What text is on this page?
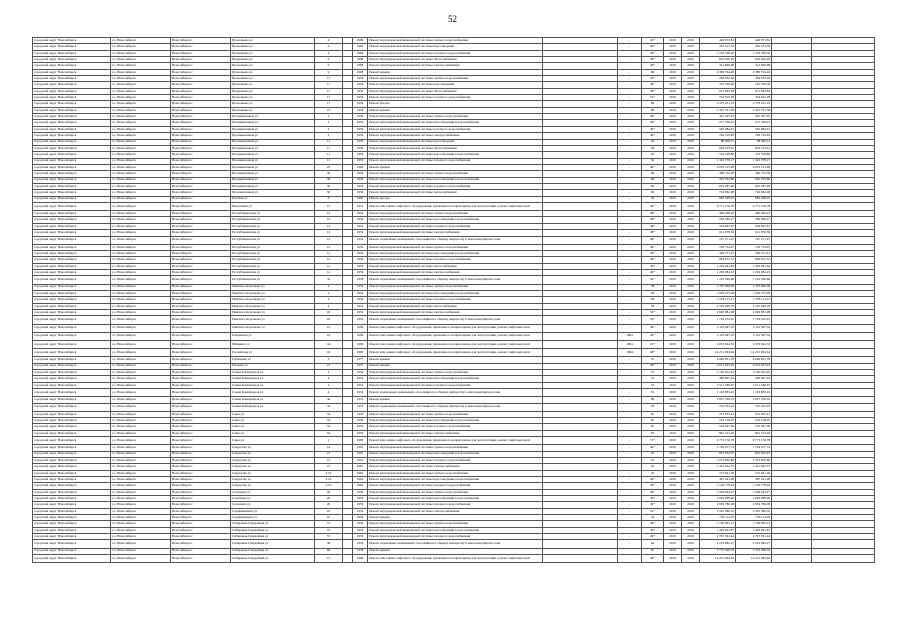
52
городской округ Новосибирск	г.о. Новосибирск	Новосибирск г	Прокопьева ул	4		1969	Ремонт внутридомовой инженерной системы горячего водоснабжения		-	45*	2019	2019	446 873,82	446 873,82		
городской округ Новосибирск	г.о. Новосибирск	Новосибирск г	Прокопьева ул	4		1969	Ремонт внутридомовой инженерной системы водоотведения		-	49*	2019	2019	245 413,76	245 413,76		
городской округ Новосибирск	г.о. Новосибирск	Новосибирск г	Прокопьева ул	4		1969	Ремонт внутридомовой инженерной системы холодного водоснабжения		-	49*	2019	2019	1 193 508,30	1 193 508,30		
городской округ Новосибирск	г.о. Новосибирск	Новосибирск г	Прокопьева ул	9		1968	Ремонт внутридомовой инженерной системы теплоснабжения		-	49*	2019	2019	816 200,29	816 200,29		
городской округ Новосибирск	г.о. Новосибирск	Новосибирск г	Прокопьева ул	9		1968	Ремонт внутридомовой инженерной системы электроснабжения		-	49*	2019	2019	414 809,98	414 809,98		
городской округ Новосибирск	г.о. Новосибирск	Новосибирск г	Прокопьева ул	9		1968	Ремонт крыши		-	66	2019	2019	2 389 764,40	2 389 764,40		
городской округ Новосибирск	г.о. Новосибирск	Новосибирск г	Прокопьева ул	17		1956	Ремонт внутридомовой инженерной системы горячего водоснабжения		-	45*	2019	2019	284 932,40	284 932,40		
городской округ Новосибирск	г.о. Новосибирск	Новосибирск г	Прокопьева ул	17		1956	Ремонт внутридомовой инженерной системы водоотведения		-	49*	2019	2019	145 709,36	145 709,36		
городской округ Новосибирск	г.о. Новосибирск	Новосибирск г	Прокопьева ул	17		1956	Ремонт внутридомовой инженерной системы теплоснабжения		-	49*	2019	2019	971 643,84	971 643,84		
городской округ Новосибирск	г.о. Новосибирск	Новосибирск г	Прокопьева ул	17		1956	Ремонт внутридомовой инженерной системы холодного водоснабжения		-	52*	2019	2019	794 810,28	794 810,28		
городской округ Новосибирск	г.о. Новосибирск	Новосибирск г	Прокопьева ул	17		1956	Ремонт фасада		-	69	2019	2019	2 379 451,19	2 379 451,19		
городской округ Новосибирск	г.о. Новосибирск	Новосибирск г	Прокопьева ул	21		1956	Ремонт крыши		-	69	2019	2019	2 347 741,58	2 347 741,58		
городской округ Новосибирск	г.о. Новосибирск	Новосибирск г	Промышленная ул	2		1959	Ремонт внутридомовой инженерной системы горячего водоснабжения		-	49*	2019	2019	461 597,02	461 597,02		
городской округ Новосибирск	г.о. Новосибирск	Новосибирск г	Промышленная ул	2		1959	Ремонт внутридомовой инженерной системы водоотведения и водоснабжения		-	49*	2019	2019	271 769,01	271 769,01		
городской округ Новосибирск	г.о. Новосибирск	Новосибирск г	Промышленная ул	2		1959	Ремонт внутридомовой инженерной системы холодного водоснабжения		-	49*	2019	2019	565 984,61	565 984,61		
городской округ Новосибирск	г.о. Новосибирск	Новосибирск г	Промышленная ул	2		1959	Ремонт внутридомовой инженерной системы электроснабжения		-	49*	2019	2019	764 510,83	764 510,83		
городской округ Новосибирск	г.о. Новосибирск	Новосибирск г	Промышленная ул	11		1959	Ремонт внутридомовой инженерной системы водоотведения		-	56	2019	2019	88 409,31	88 409,31		
городской округ Новосибирск	г.о. Новосибирск	Новосибирск г	Промышленная ул	11		1959	Ремонт внутридомовой инженерной системы теплоснабжения		-	56	2019	2019	694 103,61	694 103,61		
городской округ Новосибирск	г.о. Новосибирск	Новосибирск г	Промышленная ул	11		1959	Ремонт внутридомовой инженерной системы водоотведения и водоснабжения		-	56	2019	2019	535 708,80	535 708,80		
городской округ Новосибирск	г.о. Новосибирск	Новосибирск г	Промышленная ул	11		1959	Ремонт внутридомовой инженерной системы холодного водоснабжения		-	56	2019	2019	1 345 378,17	1 345 378,17		
городской округ Новосибирск	г.о. Новосибирск	Новосибирск г	Промышленная ул	22		1960	Ремонт крыши		-	49*	2019	2019	4 032 123,99	4 032 123,99		
городской округ Новосибирск	г.о. Новосибирск	Новосибирск г	Промышленная ул	30		1956	Ремонт внутридомовой инженерной системы горячего водоснабжения		-	69	2019	2019	396 752,58	396 752,58		
городской округ Новосибирск	г.о. Новосибирск	Новосибирск г	Промышленная ул	30		1956	Ремонт внутридомовой инженерной системы водоотведения и водоснабжения		-	69	2019	2019	245 792,80	245 792,80		
городской округ Новосибирск	г.о. Новосибирск	Новосибирск г	Промышленная ул	30		1956	Ремонт внутридомовой инженерной системы холодного водоснабжения		-	69	2019	2019	632 287,48	632 287,48		
городской округ Новосибирск	г.о. Новосибирск	Новосибирск г	Промышленная ул	30		1956	Ремонт внутридомовой инженерной системы теплоснабжения		-	69	2019	2019	726 862,98	726 862,98		
городской округ Новосибирск	г.о. Новосибирск	Новосибирск г	Путевая ул	8		1963	Ремонт фасада		-	59	2019	2019	682 348,25	682 348,25		
городской округ Новосибирск	г.о. Новосибирск	Новосибирск г	Революции ул	15		1951	Ремонт или замена лифтового оборудования, признанного непригодным для эксплуатации, ремонт лифтовых шахт		-	40*	2019	2019	4 771 156,78	4 771 156,78		
городской округ Новосибирск	г.о. Новосибирск	Новосибирск г	Республиканская ул	12		1954	Ремонт внутридомовой инженерной системы горячего водоснабжения		-	48*	2019	2019	496 406,22	496 406,22		
городской округ Новосибирск	г.о. Новосибирск	Новосибирск г	Республиканская ул	12		1954	Ремонт внутридомовой инженерной системы водоотведения и водоснабжения		-	48*	2019	2019	284 369,27	284 369,27		
городской округ Новосибирск	г.о. Новосибирск	Новосибирск г	Республиканская ул	12		1954	Ремонт внутридомовой инженерной системы холодного водоснабжения		-	48*	2019	2019	504 967,67	504 967,67		
городской округ Новосибирск	г.о. Новосибирск	Новосибирск г	Республиканская ул	12		1954	Ремонт внутридомовой инженерной системы электроснабжения		-	48*	2019	2019	611 878,59	611 878,59		
городской округ Новосибирск	г.о. Новосибирск	Новосибирск г	Республиканская ул	12		1954	Ремонт подвальных помещений, относящихся к общему имуществу в многоквартирном доме		-	48*	2019	2019	747 271,47	747 271,47		
городской округ Новосибирск	г.о. Новосибирск	Новосибирск г	Республиканская ул	1а		1959	Ремонт внутридомовой инженерной системы горячего водоснабжения		-	49*	2019	2019	726 734,67	726 734,67		
городской округ Новосибирск	г.о. Новосибирск	Новосибирск г	Республиканская ул	1а		1959	Ремонт внутридомовой инженерной системы водоотведения и водоснабжения		-	49*	2019	2019	346 271,61	346 271,61		
городской округ Новосибирск	г.о. Новосибирск	Новосибирск г	Республиканская ул	1а		1959	Ремонт внутридомовой инженерной системы холодного водоснабжения		-	49*	2019	2019	984 672,31	984 672,31		
городской округ Новосибирск	г.о. Новосибирск	Новосибирск г	Республиканская ул	1а		1959	Ремонт внутридомовой инженерной системы теплоснабжения		-	49*	2019	2019	1 202 061,64	1 202 061,64		
городской округ Новосибирск	г.о. Новосибирск	Новосибирск г	Республиканская ул	1а		1959	Ремонт внутридомовой инженерной системы электроснабжения		-	49*	2019	2019	1 230 684,23	1 230 684,23		
городской округ Новосибирск	г.о. Новосибирск	Новосибирск г	Республиканская ул	3а		1958	Ремонт подвальных помещений, относящихся к общему имуществу в многоквартирном доме		-	42*	2019	2019	1 161 549,66	1 161 549,66		
городской округ Новосибирск	г.о. Новосибирск	Новосибирск г	Римского-Корсакова ул	2		1954	Ремонт внутридомовой инженерной системы горячего водоснабжения		-	58	2019	2019	1 767 669,38	1 767 669,38		
городской округ Новосибирск	г.о. Новосибирск	Новосибирск г	Римского-Корсакова ул	2		1954	Ремонт внутридомовой инженерной системы водоотведения и водоснабжения		-	58	2019	2019	1 029 275,09	1 029 275,09		
городской округ Новосибирск	г.о. Новосибирск	Новосибирск г	Римского-Корсакова ул	2		1954	Ремонт внутридомовой инженерной системы холодного водоснабжения		-	58	2019	2019	1 578 115,21	1 578 115,21		
городской округ Новосибирск	г.о. Новосибирск	Новосибирск г	Римского-Корсакова ул	2		1954	Ремонт внутридомовой инженерной системы теплоснабжения		-	58	2019	2019	2 181 649,78	2 181 649,78		
городской округ Новосибирск	г.о. Новосибирск	Новосибирск г	Римского-Корсакова ул	18		1952	Ремонт внутридомовой инженерной системы электроснабжения		-	59*	2019	2019	2 690 881,98	2 690 881,98		
городской округ Новосибирск	г.о. Новосибирск	Новосибирск г	Римского-Корсакова ул	18		1952	Ремонт подвальных помещений, относящихся к общему имуществу в многоквартирном доме		-	59*	2019	2019	1 724 232,22	1 724 232,22		
городской округ Новосибирск	г.о. Новосибирск	Новосибирск г	Римского-Корсакова ул	21		1990	Ремонт или замена лифтового оборудования, признанного непригодным для эксплуатации, ремонт лифтовых шахт		-	46*	2019	2019	5 110 097,32	5 110 097,32		
городской округ Новосибирск	г.о. Новосибирск	Новосибирск г	Рощинская ул	24		1990	Ремонт или замена лифтового оборудования, признанного непригодным для эксплуатации, ремонт лифтовых шахт		1994	40*	2019	2019	5 110 097,32	5 110 097,32		
городской округ Новосибирск	г.о. Новосибирск	Новосибирск г	Рябинина ул	12а		1990	Ремонт или замена лифтового оборудования, признанного непригодным для эксплуатации, ремонт лифтовых шахт		1994	10*	2019	2019	2 053 944,33	2 053 944,33		
городской округ Новосибирск	г.о. Новосибирск	Новосибирск г	Российская ул	10		1990	Ремонт или замена лифтового оборудования, признанного непригодным для эксплуатации, ремонт лифтовых шахт		1994	48*	2019	2019	14 231 994,64	14 231 994,64		
городской округ Новосибирск	г.о. Новосибирск	Новосибирск г	Рубиновая ул	3		1977	Ремонт крыши		-	55	2019	2019	4 040 831,78	4 040 831,78		
городской округ Новосибирск	г.о. Новосибирск	Новосибирск г	Рылеева ул	21		1957	Ремонт крыши		-	49*	2019	2019	4 613 623,42	4 613 623,42		
городской округ Новосибирск	г.о. Новосибирск	Новосибирск г	Самеи Коммунаров ул	4		1954	Ремонт внутридомовой инженерной системы горячего водоснабжения		-	55	2019	2019	1 120 052,22	1 120 052,22		
городской округ Новосибирск	г.о. Новосибирск	Новосибирск г	Самеи Коммунаров ул	4		1954	Ремонт внутридомовой инженерной системы водоотведения и водоснабжения		-	55	2019	2019	490 867,24	490 867,24		
городской округ Новосибирск	г.о. Новосибирск	Новосибирск г	Самеи Коммунаров ул	4		1954	Ремонт внутридомовой инженерной системы холодного водоснабжения		-	55	2019	2019	2 511 180,67	2 511 180,67		
городской округ Новосибирск	г.о. Новосибирск	Новосибирск г	Самеи Коммунаров ул	4		1954	Ремонт подвальных помещений, относящихся к общему имуществу в многоквартирном доме		-	55	2019	2019	1 163 883,43	1 163 883,43		
городской округ Новосибирск	г.о. Новосибирск	Новосибирск г	Самеи Коммунаров ул	4а		1955	Ремонт крыши		-	69	2019	2019	2 857 339,35	2 857 339,35		
городской округ Новосибирск	г.о. Новосибирск	Новосибирск г	Самеи Коммунаров ул	4а		1955	Ремонт подвальных помещений, относящихся к общему имуществу в многоквартирном доме		-	59	2019	2019	701 453,22	701 453,22		
городской округ Новосибирск	г.о. Новосибирск	Новосибирск г	Сакко ул	54		1959	Ремонт внутридомовой инженерной системы горячего водоснабжения		-	65	2019	2019	231 855,41	231 855,41		
городской округ Новосибирск	г.о. Новосибирск	Новосибирск г	Сакко ул	54		1959	Ремонт внутридомовой инженерной системы водоотведения и водоснабжения		-	65	2019	2019	224 138,05	224 138,05		
городской округ Новосибирск	г.о. Новосибирск	Новосибирск г	Сакко ул	54		1959	Ремонт внутридомовой инженерной системы холодного водоснабжения		-	65	2019	2019	510 647,30	510 647,30		
городской округ Новосибирск	г.о. Новосибирск	Новосибирск г	Сакко ул	54		1959	Ремонт внутридомовой инженерной системы электроснабжения		-	65	2019	2019	861 313,20	861 313,20		
городской округ Новосибирск	г.о. Новосибирск	Новосибирск г	Сакко ул	1		1990	Ремонт или замена лифтового оборудования, признанного непригодным для эксплуатации, ремонт лифтовых шахт		-	71*	2019	2019	9 773 156,78	9 773 156,78		
городской округ Новосибирск	г.о. Новосибирск	Новосибирск г	Свердлова ул	14		1961	Ремонт внутридомовой инженерной системы горячего водоснабжения		-	40*	2019	2019	1 794 477,74	1 794 477,74		
городской округ Новосибирск	г.о. Новосибирск	Новосибирск г	Свердлова ул	21		1961	Ремонт внутридомовой инженерной системы водоотведения и водоснабжения		-	45	2019	2019	691 952,97	691 952,97		
городской округ Новосибирск	г.о. Новосибирск	Новосибирск г	Свердлова ул	21		1961	Ремонт внутридомовой инженерной системы холодного водоснабжения		-	45	2019	2019	1 073 820,86	1 073 820,86		
городской округ Новосибирск	г.о. Новосибирск	Новосибирск г	Свердлова ул	21		1961	Ремонт внутридомовой инженерной системы электроснабжения		-	45	2019	2019	1 421 622,75	1 421 622,75		
городской округ Новосибирск	г.о. Новосибирск	Новосибирск г	Свердлова ул	21/2		1962	Ремонт внутридомовой инженерной системы горячего водоснабжения		-	45	2019	2019	572 841,30	572 841,30		
городской округ Новосибирск	г.о. Новосибирск	Новосибирск г	Свердлова ул	21/2		1962	Ремонт внутридомовой инженерной системы водоотведения и водоснабжения		-	49*	2019	2019	387 241,08	387 241,08		
городской округ Новосибирск	г.о. Новосибирск	Новосибирск г	Свердлова ул	21/2		1962	Ремонт внутридомовой инженерной системы холодного водоснабжения		-	49*	2019	2019	1 136 778,94	1 136 778,94		
городской округ Новосибирск	г.о. Новосибирск	Новосибирск г	Селезнева ул	26		1959	Ремонт внутридомовой инженерной системы горячего водоснабжения		-	49*	2019	2019	1 569 044,47	1 569 044,47		
городской округ Новосибирск	г.о. Новосибирск	Новосибирск г	Селезнева ул	26		1959	Ремонт внутридомовой инженерной системы водоотведения и водоснабжения		-	49*	2019	2019	1 605 098,60	1 605 098,60		
городской округ Новосибирск	г.о. Новосибирск	Новосибирск г	Селезнева ул	26		1959	Ремонт внутридомовой инженерной системы холодного водоснабжения		-	49*	2019	2019	2 939 780,08	2 939 780,08		
городской округ Новосибирск	г.о. Новосибирск	Новосибирск г	Серафимовича ул	10		1956	Ремонт внутридомовой инженерной системы электроснабжения		-	52*	2019	2019	2 545 380,32	2 545 380,32		
городской округ Новосибирск	г.о. Новосибирск	Новосибирск г	Серафимовича ул	10		1956	Ремонт крыши		-	44	2019	2019	750 112,03	750 112,03		
городской округ Новосибирск	г.о. Новосибирск	Новосибирск г	Сибиряков-Гвардейцев ул	57		1956	Ремонт внутридомовой инженерной системы горячего водоснабжения		-	49*	2019	2019	1 730 865,13	1 730 865,13		
городской округ Новосибирск	г.о. Новосибирск	Новосибирск г	Сибиряков-Гвардейцев ул	57		1956	Ремонт внутридомовой инженерной системы водоотведения и водоснабжения		-	49*	2019	2019	1 429 691,87	1 429 691,87		
городской округ Новосибирск	г.о. Новосибирск	Новосибирск г	Сибиряков-Гвардейцев ул	57		1956	Ремонт внутридомовой инженерной системы холодного водоснабжения		-	49*	2019	2019	2 767 591,44	2 767 591,44		
городской округ Новосибирск	г.о. Новосибирск	Новосибирск г	Сибиряков-Гвардейцев ул	58		1956	Ремонт подвальных помещений, относящихся к общему имуществу в многоквартирном доме		-	44	2019	2019	2 219 982,27	2 219 982,27		
городской округ Новосибирск	г.о. Новосибирск	Новосибирск г	Сибиряков-Гвардейцев ул	60		1958	Ремонт крыши		-	65	2019	2019	5 753 496,33	5 753 496,33		
городской округ Новосибирск	г.о. Новосибирск	Новосибирск г	Сибиряков-Гвардейцев ул	2/1		1990	Ремонт или замена лифтового оборудования, признанного непригодным для эксплуатации, ремонт лифтовых шахт		-	48*	2019	2019	14 231 994,64	14 231 994,64		
